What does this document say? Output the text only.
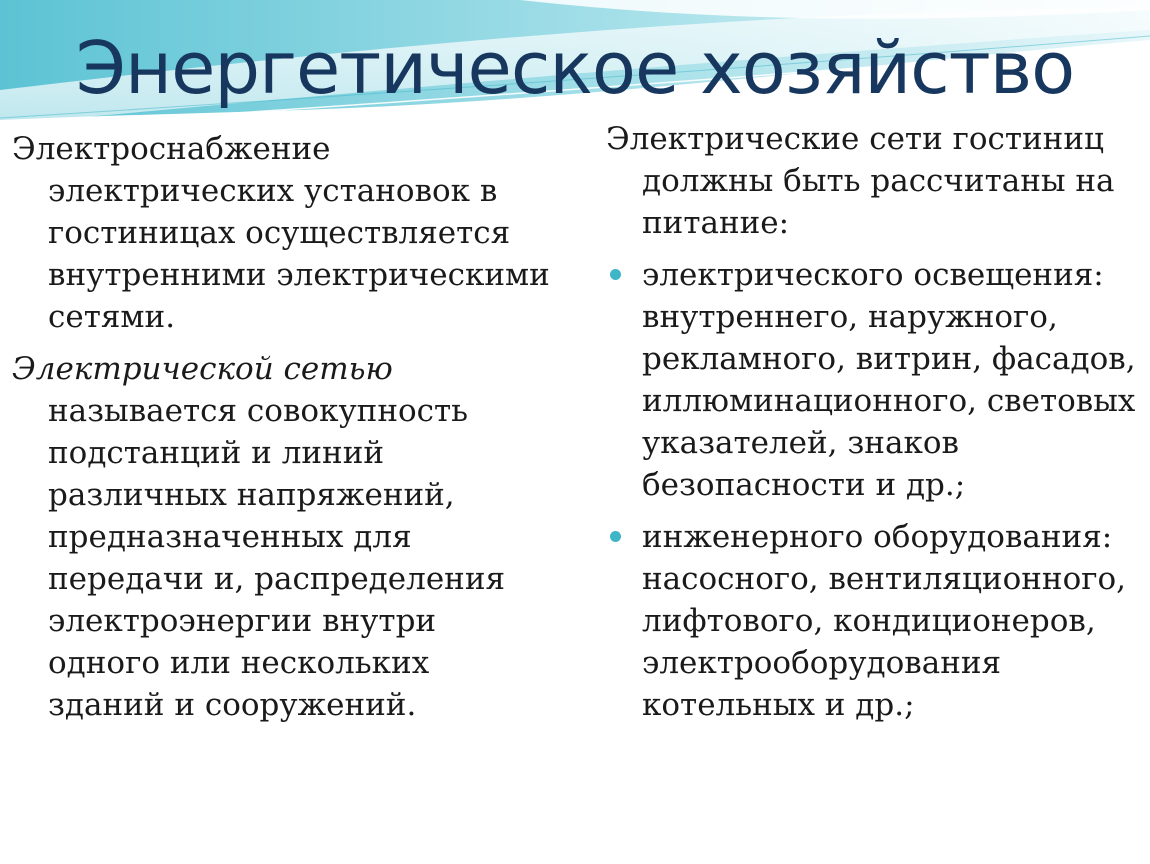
Энергетическое хозяйство

Электроснабжение электрических установок в гостиницах осуществляется внутренними электрическими сетями.

Электрической сетью называется совокупность подстанций и линий различных напряжений, предназначенных для передачи и, распределения электроэнергии внутри одного или нескольких зданий и сооружений.

Электрические сети гостиниц должны быть рассчитаны на питание:

электрического освещения: внутреннего, наружного, рекламного, витрин, фасадов, иллюминационного, световых указателей, знаков безопасности и др.;
инженерного оборудования: насосного, вентиляционного, лифтового, кондиционеров, электрооборудования котельных и др.;
